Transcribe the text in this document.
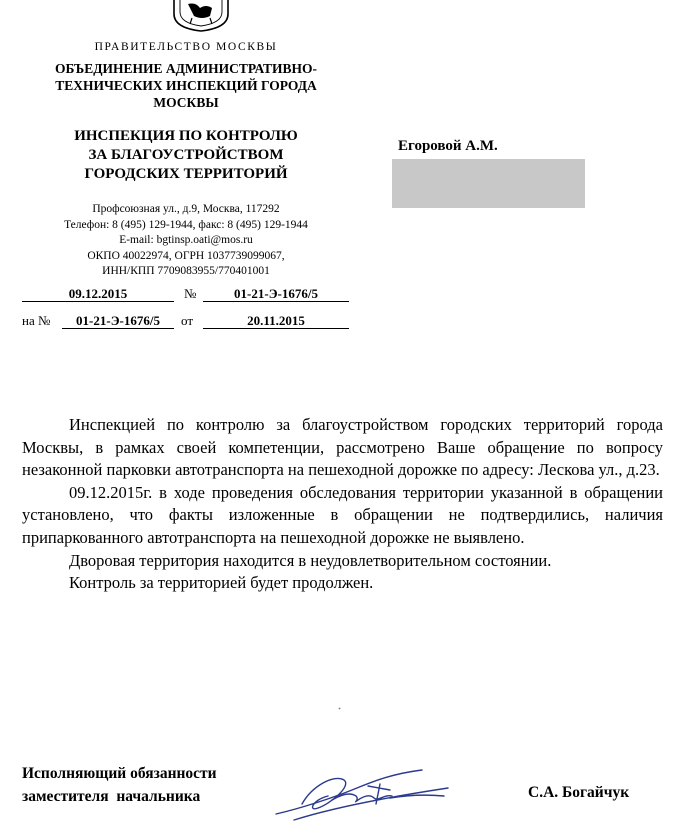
ПРАВИТЕЛЬСТВО МОСКВЫ
ОБЪЕДИНЕНИЕ АДМИНИСТРАТИВНО-
ТЕХНИЧЕСКИХ ИНСПЕКЦИЙ ГОРОДА
МОСКВЫ
ИНСПЕКЦИЯ ПО КОНТРОЛЮ
ЗА БЛАГОУСТРОЙСТВОМ
ГОРОДСКИХ ТЕРРИТОРИЙ
Профсоюзная ул., д.9, Москва, 117292
Телефон: 8 (495) 129-1944, факс: 8 (495) 129-1944
E-mail: bgtinsp.oati@mos.ru
ОКПО 40022974, ОГРН 1037739099067,
ИНН/КПП 7709083955/770401001
09.12.2015	№	01-21-Э-1676/5
на №	01-21-Э-1676/5	от	20.11.2015
Егоровой А.М.

Инспекцией по контролю за благоустройством городских территорий города Москвы, в рамках своей компетенции, рассмотрено Ваше обращение по вопросу незаконной парковки автотранспорта на пешеходной дорожке по адресу: Лескова ул., д.23.

09.12.2015г. в ходе проведения обследования территории указанной в обращении установлено, что факты изложенные в обращении не подтвердились, наличия припаркованного автотранспорта на пешеходной дорожке не выявлено.

Дворовая территория находится в неудовлетворительном состоянии.

Контроль за территорией будет продолжен.

Исполняющий обязанности
заместителя  начальника	С.А. Богайчук
